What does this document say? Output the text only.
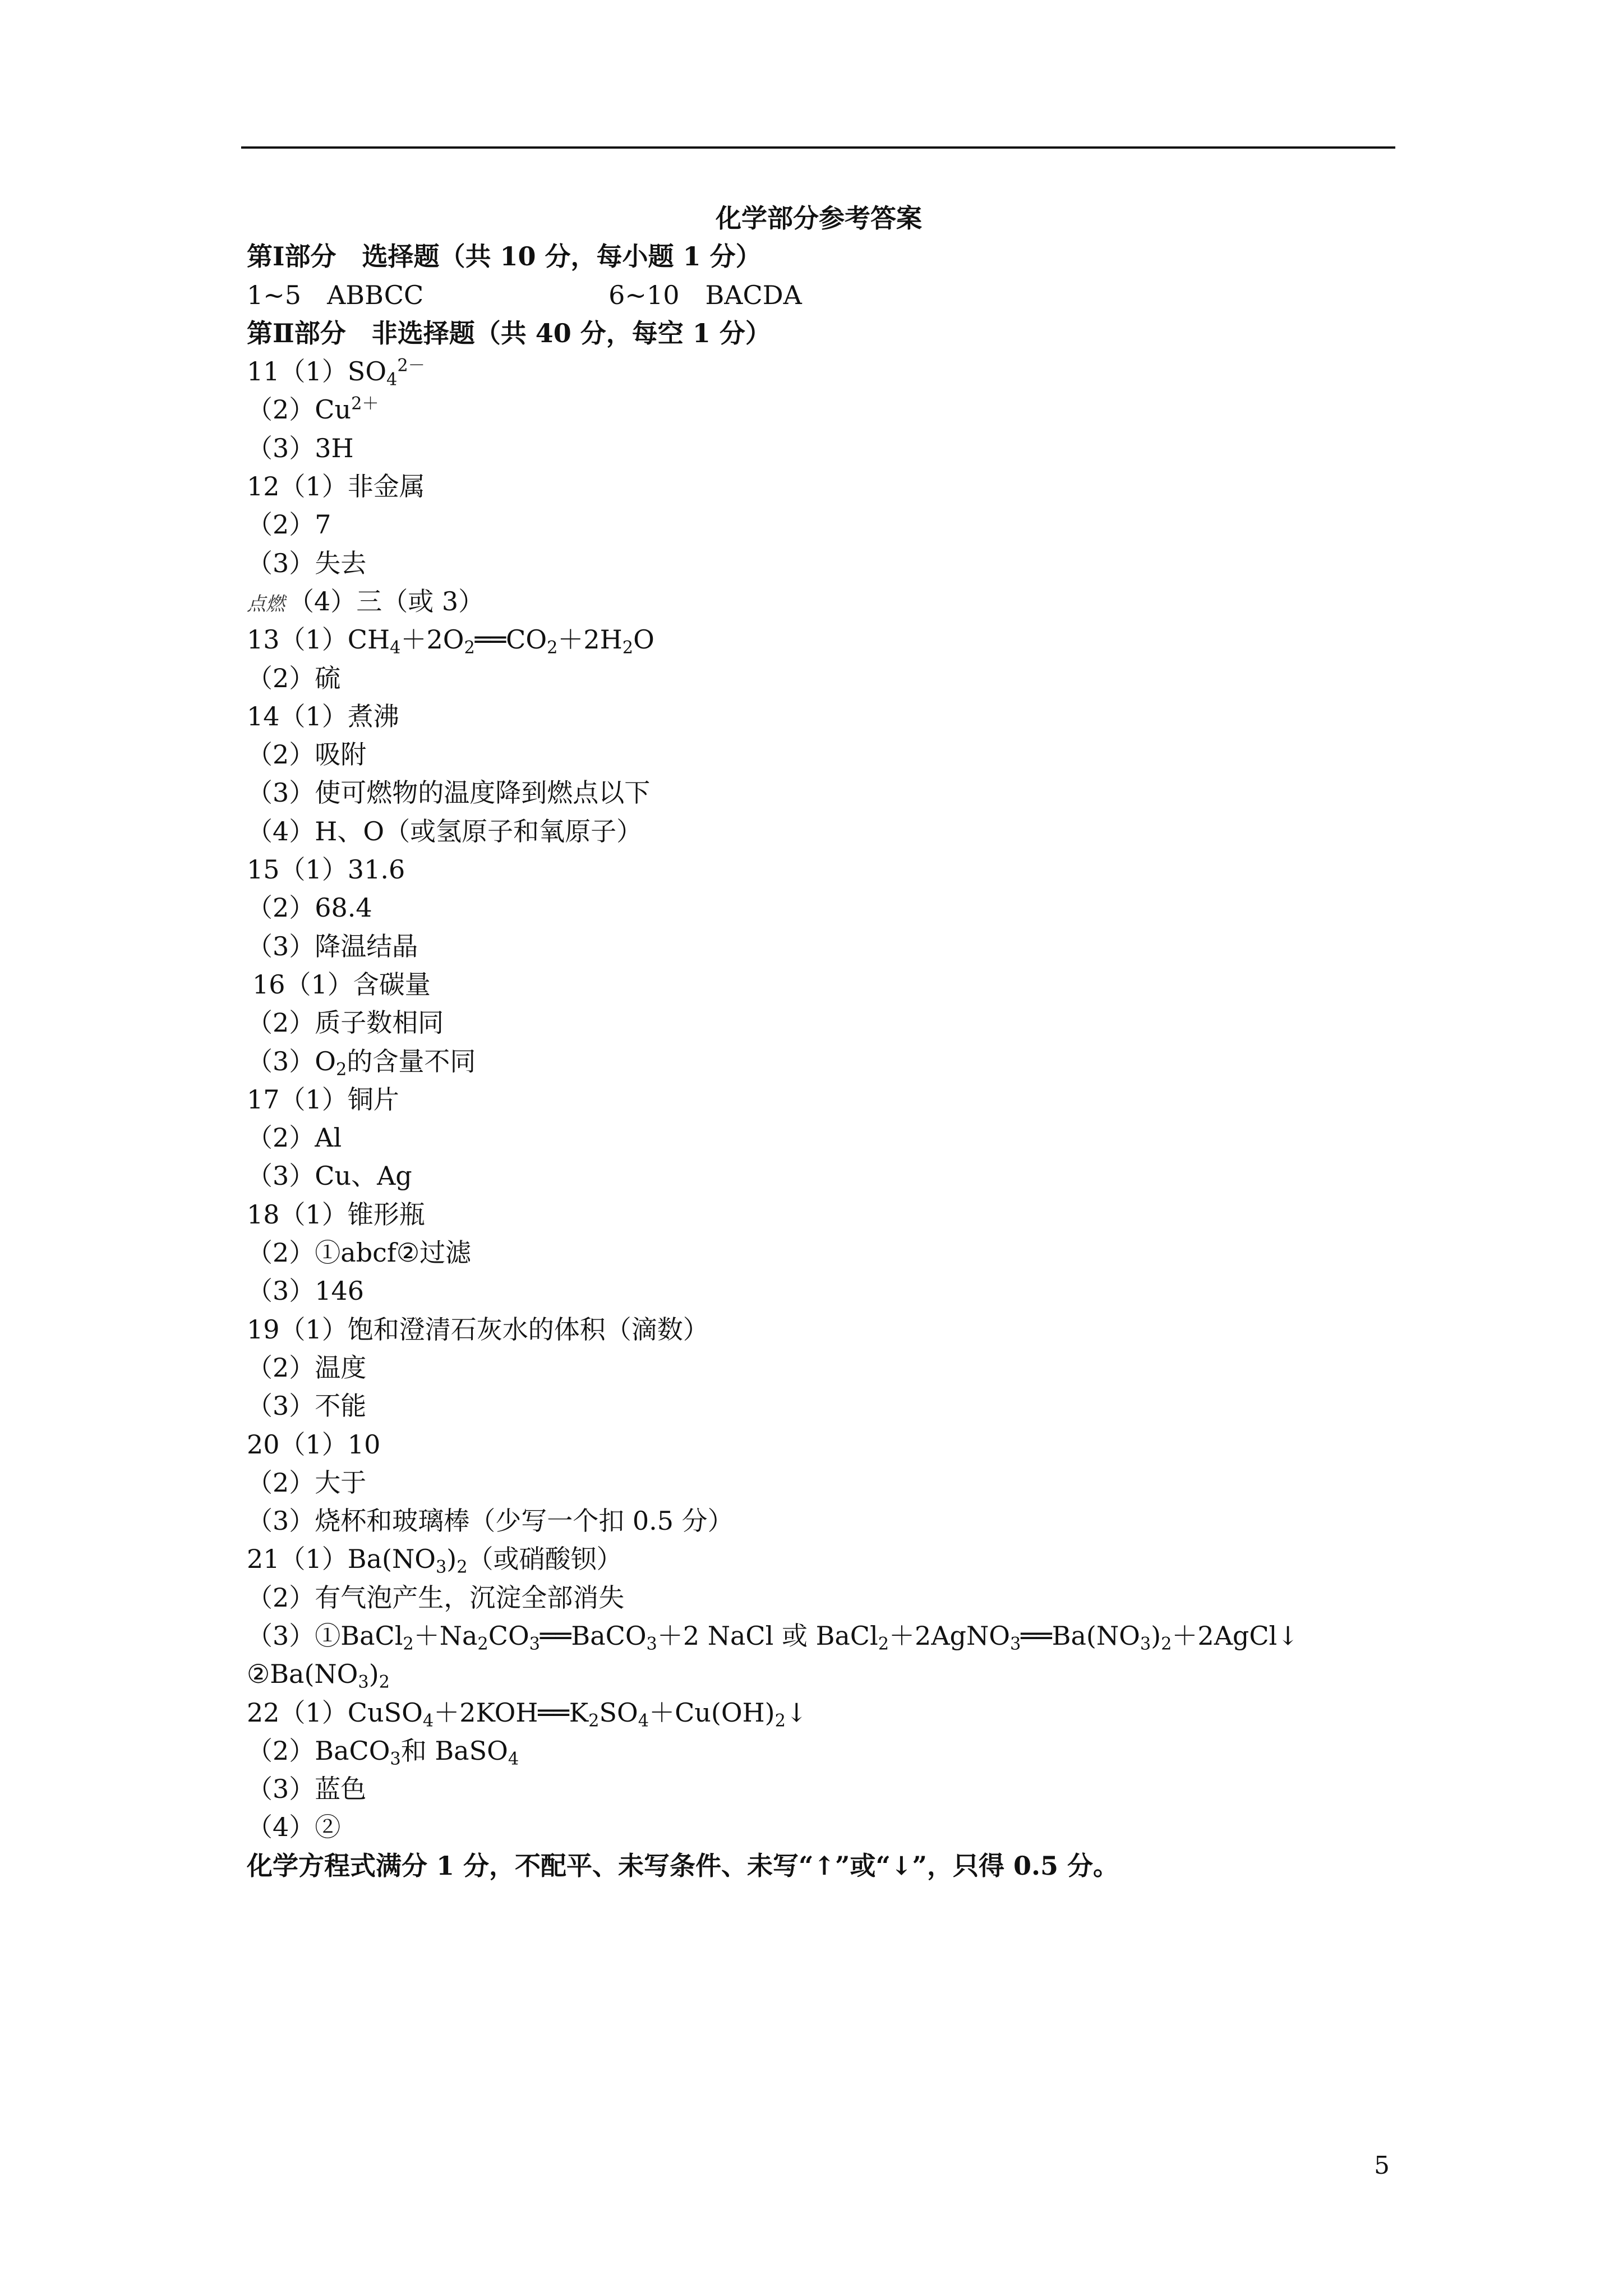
化学部分参考答案
第Ⅰ部分　选择题（共 10 分，每小题 1 分）
1~5　ABBCC	6~10　BACDA
第Ⅱ部分　非选择题（共 40 分，每空 1 分）
$11(1)SO_4^{2-}$
$(2)Cu^{2+}$
（3）3H
12（1）非金属
（2）7
（3）失去
点燃 （4）三（或 3）
$13(1)CH_4+2O_2══CO_2+2H_2O$
（2）硫
14（1）煮沸
（2）吸附
（3）使可燃物的温度降到燃点以下
（4）H、O（或氢原子和氧原子）
15（1）31.6
（2）68.4
（3）降温结晶
16（1）含碳量
（2）质子数相同
$(3)O_2$的含量不同
17（1）铜片
（2）Al
（3）Cu、Ag
18（1）锥形瓶
（2）①abcf②过滤
（3）146
19（1）饱和澄清石灰水的体积（滴数）
（2）温度
（3）不能
20（1）10
（2）大于
（3）烧杯和玻璃棒（少写一个扣 0.5 分）
$21(1)Ba(NO_3)_2$（或硝酸钡）
（2）有气泡产生，沉淀全部消失
$(3)①BaCl_2+Na_2CO_3══BaCO_3+2$ NaCl 或 $BaCl_2+2AgNO_3══Ba(NO_3)_2+2AgCl↓$
$②Ba(NO_3)_2$
$22(1)CuSO_4+2KOH══K_2SO_4+Cu(OH)_2↓$
（2）BaCO$_3$和 BaSO$_4$
（3）蓝色
（4）②
化学方程式满分 1 分，不配平、未写条件、未写“↑”或“↓”，只得 0.5 分。
5
